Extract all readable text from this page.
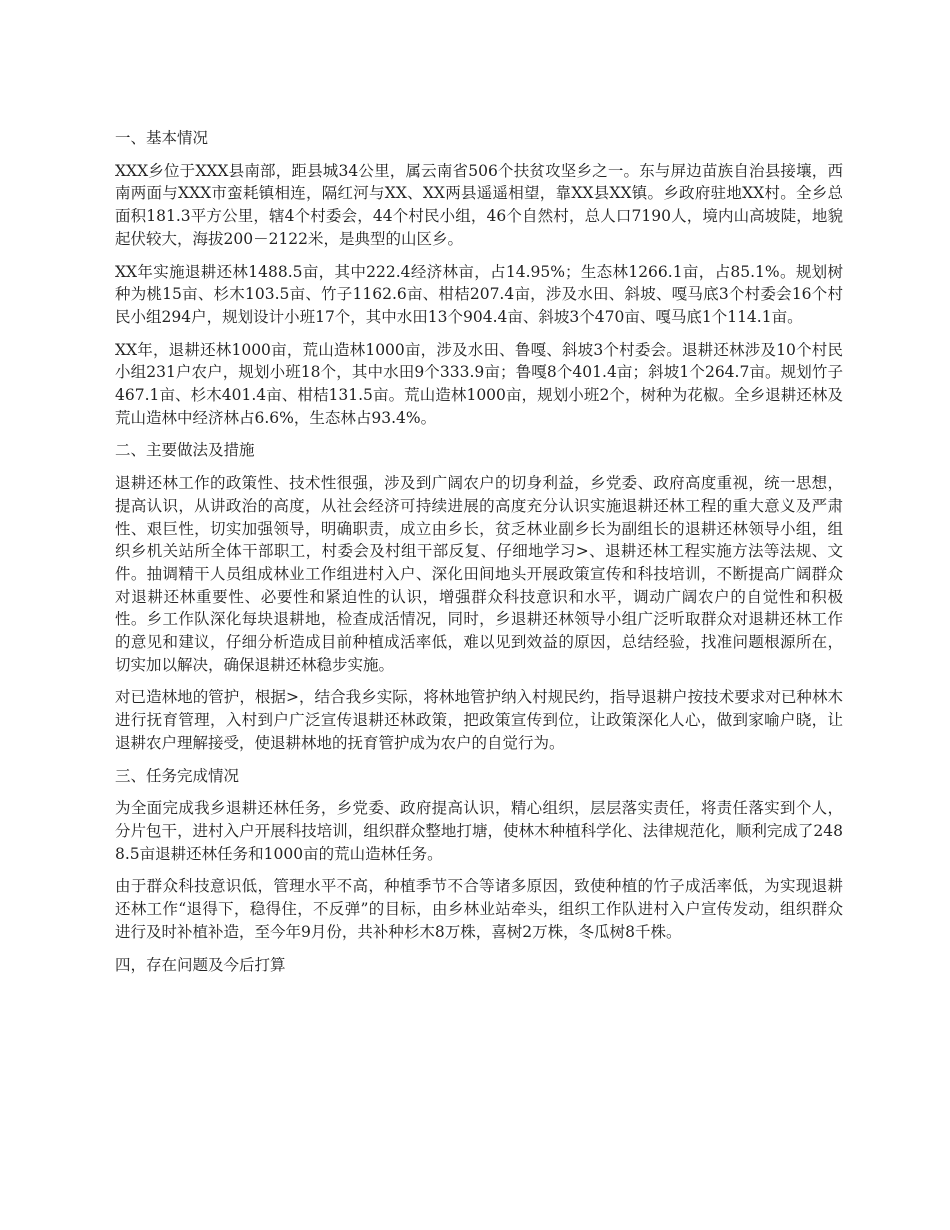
一、基本情况

XXX乡位于XXX县南部，距县城34公里，属云南省506个扶贫攻坚乡之一。东与屏边苗族自治县接壤，西南两面与XXX市蛮耗镇相连，隔红河与XX、XX两县遥遥相望，靠XX县XX镇。乡政府驻地XX村。全乡总面积181.3平方公里，辖4个村委会，44个村民小组，46个自然村，总人口7190人，境内山高坡陡，地貌起伏较大，海拔200－2122米，是典型的山区乡。

XX年实施退耕还林1488.5亩，其中222.4经济林亩，占14.95%；生态林1266.1亩，占85.1%。规划树种为桃15亩、杉木103.5亩、竹子1162.6亩、柑桔207.4亩，涉及水田、斜坡、嘎马底3个村委会16个村民小组294户，规划设计小班17个，其中水田13个904.4亩、斜坡3个470亩、嘎马底1个114.1亩。

XX年，退耕还林1000亩，荒山造林1000亩，涉及水田、鲁嘎、斜坡3个村委会。退耕还林涉及10个村民小组231户农户，规划小班18个，其中水田9个333.9亩；鲁嘎8个401.4亩；斜坡1个264.7亩。规划竹子467.1亩、杉木401.4亩、柑桔131.5亩。荒山造林1000亩，规划小班2个，树种为花椒。全乡退耕还林及荒山造林中经济林占6.6%，生态林占93.4%。

二、主要做法及措施

退耕还林工作的政策性、技术性很强，涉及到广阔农户的切身利益，乡党委、政府高度重视，统一思想，提高认识，从讲政治的高度，从社会经济可持续进展的高度充分认识实施退耕还林工程的重大意义及严肃性、艰巨性，切实加强领导，明确职责，成立由乡长，贫乏林业副乡长为副组长的退耕还林领导小组，组织乡机关站所全体干部职工，村委会及村组干部反复、仔细地学习>、退耕还林工程实施方法等法规、文件。抽调精干人员组成林业工作组进村入户、深化田间地头开展政策宣传和科技培训，不断提高广阔群众对退耕还林重要性、必要性和紧迫性的认识，增强群众科技意识和水平，调动广阔农户的自觉性和积极性。乡工作队深化每块退耕地，检查成活情况，同时，乡退耕还林领导小组广泛听取群众对退耕还林工作的意见和建议，仔细分析造成目前种植成活率低，难以见到效益的原因，总结经验，找准问题根源所在，切实加以解决，确保退耕还林稳步实施。

对已造林地的管护，根据>，结合我乡实际，将林地管护纳入村规民约，指导退耕户按技术要求对已种林木进行抚育管理，入村到户广泛宣传退耕还林政策，把政策宣传到位，让政策深化人心，做到家喻户晓，让退耕农户理解接受，使退耕林地的抚育管护成为农户的自觉行为。

三、任务完成情况

为全面完成我乡退耕还林任务，乡党委、政府提高认识，精心组织，层层落实责任，将责任落实到个人，分片包干，进村入户开展科技培训，组织群众整地打塘，使林木种植科学化、法律规范化，顺利完成了2488.5亩退耕还林任务和1000亩的荒山造林任务。

由于群众科技意识低，管理水平不高，种植季节不合等诸多原因，致使种植的竹子成活率低，为实现退耕还林工作“退得下，稳得住，不反弹”的目标，由乡林业站牵头，组织工作队进村入户宣传发动，组织群众进行及时补植补造，至今年9月份，共补种杉木8万株，喜树2万株，冬瓜树8千株。

四，存在问题及今后打算
